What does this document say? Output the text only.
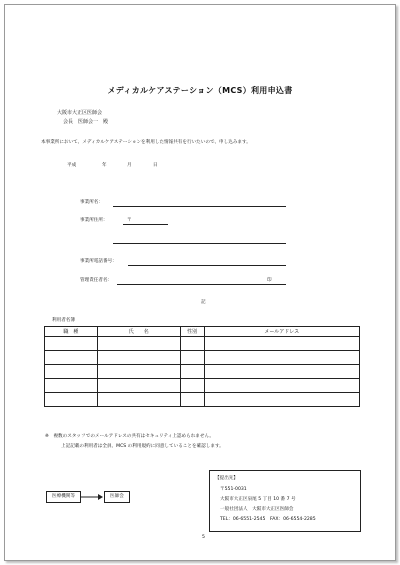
メディカルケアステーション（MCS）利用申込書
大阪市大正区医師会
会長　医師会一　殿
本事業所において、メディカルケアステーションを利用した情報共有を行いたいので、申し込みます。
平成	年	月	日
事業所名：
事業所住所：	〒
事業所電話番号：
管理責任者名：	印
記
利用者名簿
職　種	氏　　名	性別	メールアドレス

※　複数のスタッフでのメールアドレスの共有はセキュリティ上認められません。
上記記載の利用者は全員、MCS の利用規約に同意していることを確認します。
医療機関等	医師会
【提出先】
〒551-0031
大阪市大正区泉尾 5 丁目 10 番 7 号
一般社団法人　大阪市大正区医師会
TEL：06-6551-2545　FAX：06-6554-2285
5
